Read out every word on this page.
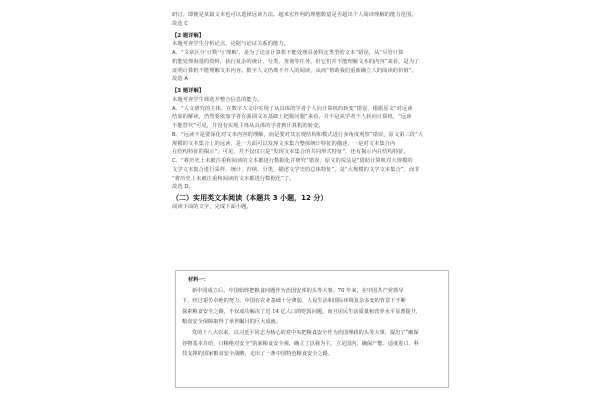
研讨。即便是某篇文本也可以选择远读方法。超米宏作网的理想数量是否超出个人阅读理解的能力范围。

故选 C

【2 题详解】

本题考查学生分析论点、论据与论证关系的能力。

A．“文章区分‘计数’与‘理解’，是为了论证计算机不能处理具备特定类型的文本”错误，从“尽管计算

机能处理海量的资料，执行复杂的统计、分类、查询等任务，但它们并不能理解文本的内容”来看，是为了

证明计算机不能理解文本内容。数字人文仍离不开人的阅读，从而“帮助我们重新确立人的阅读的价值”。

故选 A

【3 题详解】

本题考查学生筛选并整合信息的能力。

A．“人文研究的主体，在数字人文中实现了从具体的学者个人向计算机的转变”错误，根据原文“对远读

结果的解读，仍然要依靠学者在强调文本基础上把握问题”来看，并不是从学者个人转向计算机，“远读

不能替代”可见，并没有实现主体从具体的学者到计算机的转变。

B．“远读不是要深化对文本内容的理解，而是要对其宏观结构和模式进行多角度观察”错误，原文第三段“大

规模的文本集合上的远读，是一方面可以发现文本集合整体统计特征的描述；一是对文本集合内

在结构特征的揭示”，可见，并不仅仅只是“发现文本集合的共同形式特征”，还有揭示内在结构特征。

C．“将历史上未被注重和阅读的文本都进行数据化并研究”错误，原文的说法是“借助计算机对大规模的

文学文本集合进行采样、统计、归纳、分类，描述文学史的总体特征”，是“大规模的文学文本集合”，而非

“将历史上未被注重和阅读的文本都进行数据化”了。

故选 D。

（二）实用类文本阅读（本题共 3 小题，12 分）

阅读下面的文字，完成下面小题。

材料一：

新中国成立后，中国始终把粮食问题作为治国安邦的头等大事。70 年来，在中国共产党领导

下，经过艰苦卓绝的努力，中国在农业基础十分薄弱、人民生活和国际环境复杂多变的背景下不断

探索粮食安全之路，不仅成功解决了近 14 亿人口的吃饭问题，而且居民生活质量和营养水平显著提升，

粮食安全保障取得了举世瞩目的巨大成就。

党的十八大以来，以习近平同志为核心的党中央把粮食安全作为治国理政的头等大事，提出了“确保

谷物基本自给、口粮绝对安全”的新粮食安全观，确立了以我为主、立足国内、确保产能、适度进口、科

技支撑的国家粮食安全战略，走出了一条中国特色粮食安全之路。
